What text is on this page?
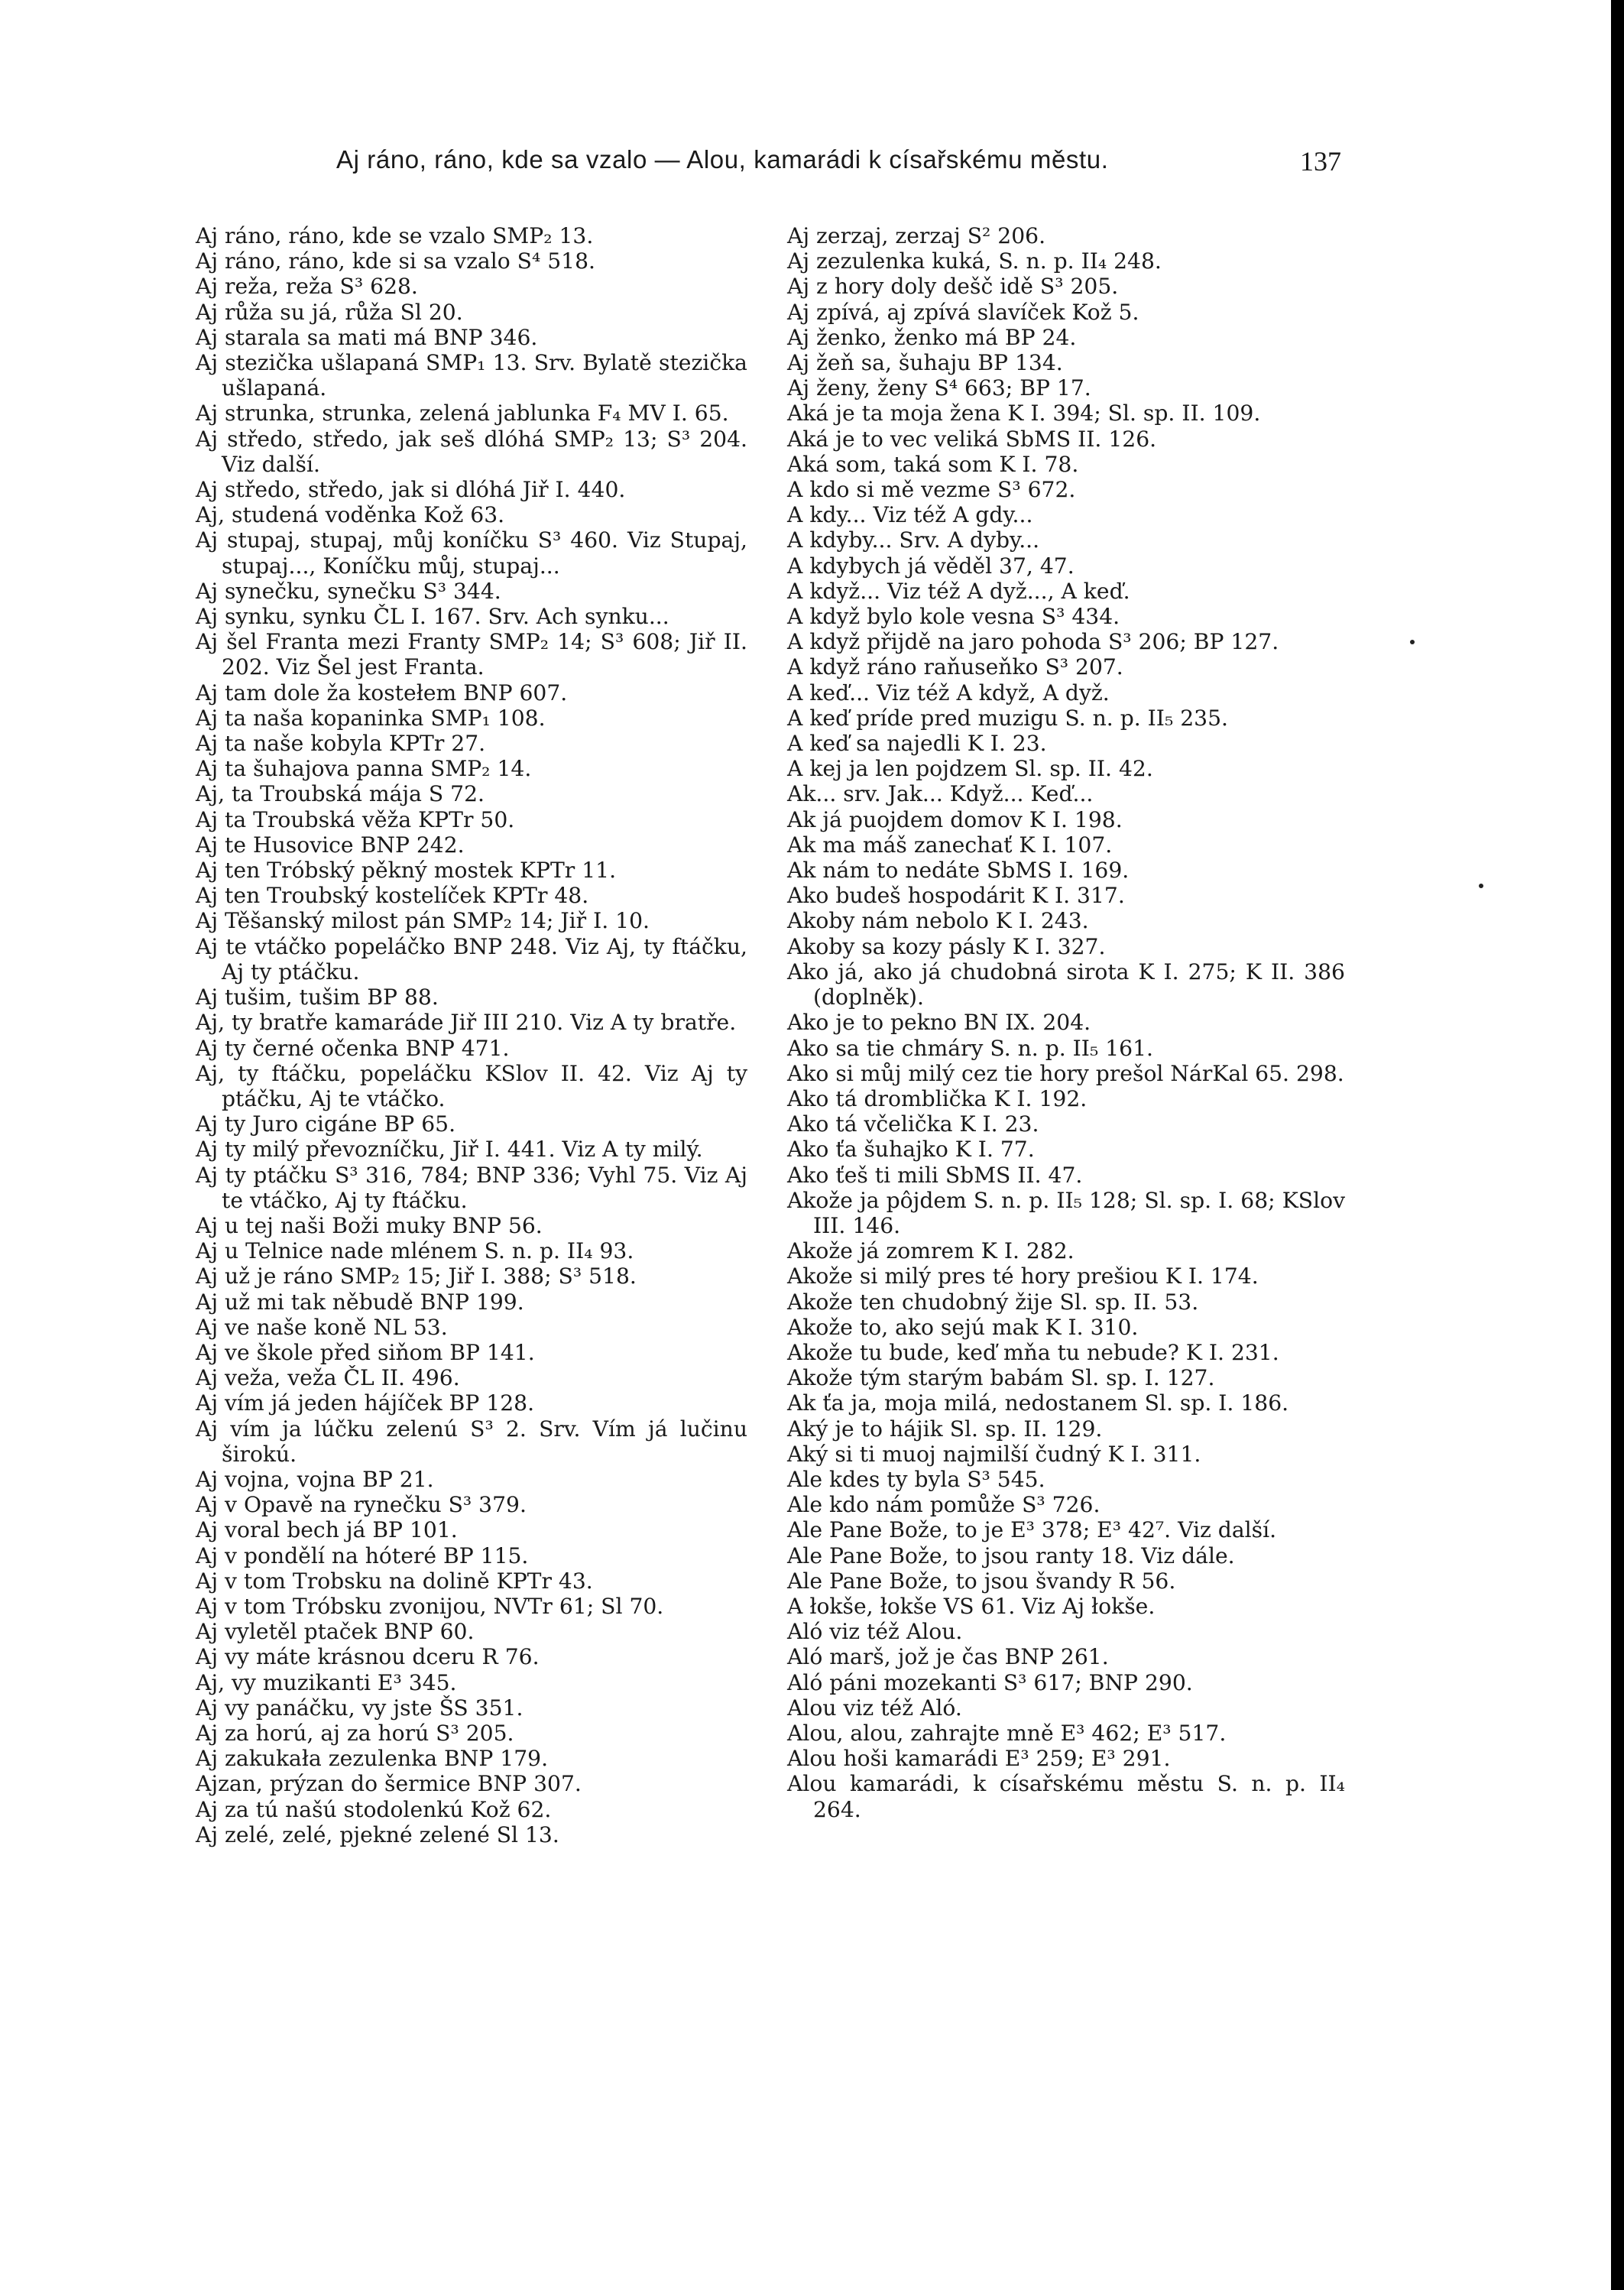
Aj ráno, ráno, kde sa vzalo — Alou, kamarádi k císařskému městu.	137
Aj ráno, ráno, kde se vzalo SMP₂ 13.
Aj ráno, ráno, kde si sa vzalo S⁴ 518.
Aj reža, reža S³ 628.
Aj růža su já, růža Sl 20.
Aj starala sa mati má BNP 346.
Aj stezička ušlapaná SMP₁ 13. Srv. Bylatě stezička ušlapaná.
Aj strunka, strunka, zelená jablunka F₄ MV I. 65.
Aj středo, středo, jak seš dlóhá SMP₂ 13; S³ 204. Viz další.
Aj středo, středo, jak si dlóhá Jiř I. 440.
Aj, studená voděnka Kož 63.
Aj stupaj, stupaj, můj koníčku S³ 460. Viz Stupaj, stupaj..., Koníčku můj, stupaj...
Aj synečku, synečku S³ 344.
Aj synku, synku ČL I. 167. Srv. Ach synku...
Aj šel Franta mezi Franty SMP₂ 14; S³ 608; Jiř II. 202. Viz Šel jest Franta.
Aj tam dole ža kostełem BNP 607.
Aj ta naša kopaninka SMP₁ 108.
Aj ta naše kobyla KPTr 27.
Aj ta šuhajova panna SMP₂ 14.
Aj, ta Troubská mája S 72.
Aj ta Troubská věža KPTr 50.
Aj te Husovice BNP 242.
Aj ten Tróbský pěkný mostek KPTr 11.
Aj ten Troubský kostelíček KPTr 48.
Aj Těšanský milost pán SMP₂ 14; Jiř I. 10.
Aj te vtáčko popeláčko BNP 248. Viz Aj, ty ftáčku, Aj ty ptáčku.
Aj tušim, tušim BP 88.
Aj, ty bratře kamaráde Jiř III 210. Viz A ty bratře.
Aj ty černé očenka BNP 471.
Aj, ty ftáčku, popeláčku KSlov II. 42. Viz Aj ty ptáčku, Aj te vtáčko.
Aj ty Juro cigáne BP 65.
Aj ty milý převozníčku, Jiř I. 441. Viz A ty milý.
Aj ty ptáčku S³ 316, 784; BNP 336; Vyhl 75. Viz Aj te vtáčko, Aj ty ftáčku.
Aj u tej naši Boži muky BNP 56.
Aj u Telnice nade mlénem S. n. p. II₄ 93.
Aj už je ráno SMP₂ 15; Jiř I. 388; S³ 518.
Aj už mi tak něbudě BNP 199.
Aj ve naše koně NL 53.
Aj ve škole před siňom BP 141.
Aj veža, veža ČL II. 496.
Aj vím já jeden hájíček BP 128.
Aj vím ja lúčku zelenú S³ 2. Srv. Vím já lučinu širokú.
Aj vojna, vojna BP 21.
Aj v Opavě na rynečku S³ 379.
Aj voral bech já BP 101.
Aj v pondělí na hóteré BP 115.
Aj v tom Trobsku na dolině KPTr 43.
Aj v tom Tróbsku zvonijou, NVTr 61; Sl 70.
Aj vyletěl ptaček BNP 60.
Aj vy máte krásnou dceru R 76.
Aj, vy muzikanti E³ 345.
Aj vy panáčku, vy jste ŠS 351.
Aj za horú, aj za horú S³ 205.
Aj zakukała zezulenka BNP 179.
Ajzan, prýzan do šermice BNP 307.
Aj za tú našú stodolenkú Kož 62.
Aj zelé, zelé, pjekné zelené Sl 13.
Aj zerzaj, zerzaj S² 206.
Aj zezulenka kuká, S. n. p. II₄ 248.
Aj z hory doly dešč idě S³ 205.
Aj zpívá, aj zpívá slavíček Kož 5.
Aj ženko, ženko má BP 24.
Aj žeň sa, šuhaju BP 134.
Aj ženy, ženy S⁴ 663; BP 17.
Aká je ta moja žena K I. 394; Sl. sp. II. 109.
Aká je to vec veliká SbMS II. 126.
Aká som, taká som K I. 78.
A kdo si mě vezme S³ 672.
A kdy... Viz též A gdy...
A kdyby... Srv. A dyby...
A kdybych já věděl 37, 47.
A když... Viz též A dyž..., A keď.
A když bylo kole vesna S³ 434.
A když přijdě na jaro pohoda S³ 206; BP 127.
A když ráno raňuseňko S³ 207.
A keď... Viz též A když, A dyž.
A keď príde pred muzigu S. n. p. II₅ 235.
A keď sa najedli K I. 23.
A kej ja len pojdzem Sl. sp. II. 42.
Ak... srv. Jak... Když... Keď...
Ak já puojdem domov K I. 198.
Ak ma máš zanechať K I. 107.
Ak nám to nedáte SbMS I. 169.
Ako budeš hospodárit K I. 317.
Akoby nám nebolo K I. 243.
Akoby sa kozy pásly K I. 327.
Ako já, ako já chudobná sirota K I. 275; K II. 386 (doplněk).
Ako je to pekno BN IX. 204.
Ako sa tie chmáry S. n. p. II₅ 161.
Ako si můj milý cez tie hory prešol NárKal 65. 298.
Ako tá dromblička K I. 192.
Ako tá včelička K I. 23.
Ako ťa šuhajko K I. 77.
Ako ťeš ti mili SbMS II. 47.
Akože ja pôjdem S. n. p. II₅ 128; Sl. sp. I. 68; KSlov III. 146.
Akože já zomrem K I. 282.
Akože si milý pres té hory prešiou K I. 174.
Akože ten chudobný žije Sl. sp. II. 53.
Akože to, ako sejú mak K I. 310.
Akože tu bude, keď mňa tu nebude? K I. 231.
Akože tým starým babám Sl. sp. I. 127.
Ak ťa ja, moja milá, nedostanem Sl. sp. I. 186.
Aký je to hájik Sl. sp. II. 129.
Aký si ti muoj najmilší čudný K I. 311.
Ale kdes ty byla S³ 545.
Ale kdo nám pomůže S³ 726.
Ale Pane Bože, to je E³ 378; E³ 42⁷. Viz další.
Ale Pane Bože, to jsou ranty 18. Viz dále.
Ale Pane Bože, to jsou švandy R 56.
A łokše, łokše VS 61. Viz Aj łokše.
Aló viz též Alou.
Aló marš, jož je čas BNP 261.
Aló páni mozekanti S³ 617; BNP 290.
Alou viz též Aló.
Alou, alou, zahrajte mně E³ 462; E³ 517.
Alou hoši kamarádi E³ 259; E³ 291.
Alou kamarádi, k císařskému městu S. n. p. II₄ 264.
